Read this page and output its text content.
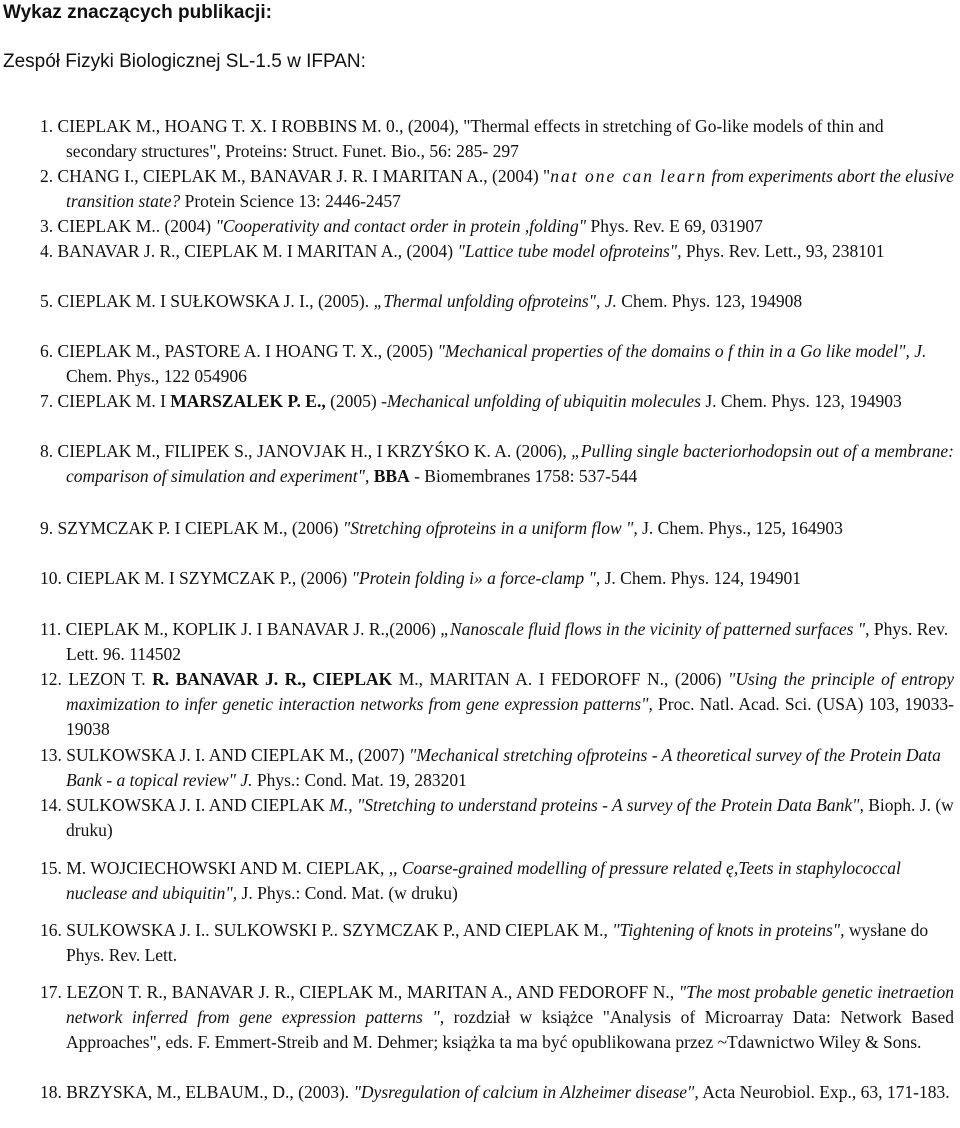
Wykaz znaczących publikacji:
Zespół Fizyki Biologicznej SL-1.5 w IFPAN:
1. CIEPLAK M., HOANG T. X. I ROBBINS M. 0., (2004), "Thermal effects in stretching of Go-like models of thin and secondary structures", Proteins: Struct. Funet. Bio., 56: 285- 297
2. CHANG I., CIEPLAK M., BANAVAR J. R. I MARITAN A., (2004) "nat one can learn from experiments abort the elusive transition state? Protein Science 13: 2446-2457
3. CIEPLAK M.. (2004) "Cooperativity and contact order in protein ,folding" Phys. Rev. E 69, 031907
4. BANAVAR J. R., CIEPLAK M. I MARITAN A., (2004) "Lattice tube model ofproteins", Phys. Rev. Lett., 93, 238101
5. CIEPLAK M. I SUŁKOWSKA J. I., (2005). „Thermal unfolding ofproteins", J. Chem. Phys. 123, 194908
6. CIEPLAK M., PASTORE A. I HOANG T. X., (2005) "Mechanical properties of the domains o f thin in a Go like model", J. Chem. Phys., 122 054906
7. CIEPLAK M. I MARSZALEK P. E., (2005) -Mechanical unfolding of ubiquitin molecules J. Chem. Phys. 123, 194903
8. CIEPLAK M., FILIPEK S., JANOVJAK H., I KRZYŚKO K. A. (2006), „Pulling single bacteriorhodopsin out of a membrane: comparison of simulation and experiment", BBA - Biomembranes 1758: 537-544
9. SZYMCZAK P. I CIEPLAK M., (2006) "Stretching ofproteins in a uniform flow ", J. Chem. Phys., 125, 164903
10. CIEPLAK M. I SZYMCZAK P., (2006) "Protein folding i» a force-clamp ", J. Chem. Phys. 124, 194901
11. CIEPLAK M., KOPLIK J. I BANAVAR J. R.,(2006) „Nanoscale fluid flows in the vicinity of patterned surfaces ", Phys. Rev. Lett. 96. 114502
12. LEZON T. R. BANAVAR J. R., CIEPLAK M., MARITAN A. I FEDOROFF N., (2006) "Using the principle of entropy maximization to infer genetic interaction networks from gene expression patterns", Proc. Natl. Acad. Sci. (USA) 103, 19033-19038
13. SULKOWSKA J. I. AND CIEPLAK M., (2007) "Mechanical stretching ofproteins - A theoretical survey of the Protein Data Bank - a topical review" J. Phys.: Cond. Mat. 19, 283201
14. SULKOWSKA J. I. AND CIEPLAK M., "Stretching to understand proteins - A survey of the Protein Data Bank", Bioph. J. (w druku)
15. M. WOJCIECHOWSKI AND M. CIEPLAK, ,, Coarse-grained modelling of pressure related ę,Teets in staphylococcal nuclease and ubiquitin", J. Phys.: Cond. Mat. (w druku)
16. SULKOWSKA J. I.. SULKOWSKI P.. SZYMCZAK P., AND CIEPLAK M., "Tightening of knots in proteins", wysłane do Phys. Rev. Lett.
17. LEZON T. R., BANAVAR J. R., CIEPLAK M., MARITAN A., AND FEDOROFF N., "The most probable genetic inetraetion network inferred from gene expression patterns ", rozdział w książce "Analysis of Microarray Data: Network Based Approaches", eds. F. Emmert-Streib and M. Dehmer; książka ta ma być opublikowana przez ~Tdawnictwo Wiley & Sons.
18. BRZYSKA, M., ELBAUM., D., (2003). "Dysregulation of calcium in Alzheimer disease", Acta Neurobiol. Exp., 63, 171-183.
